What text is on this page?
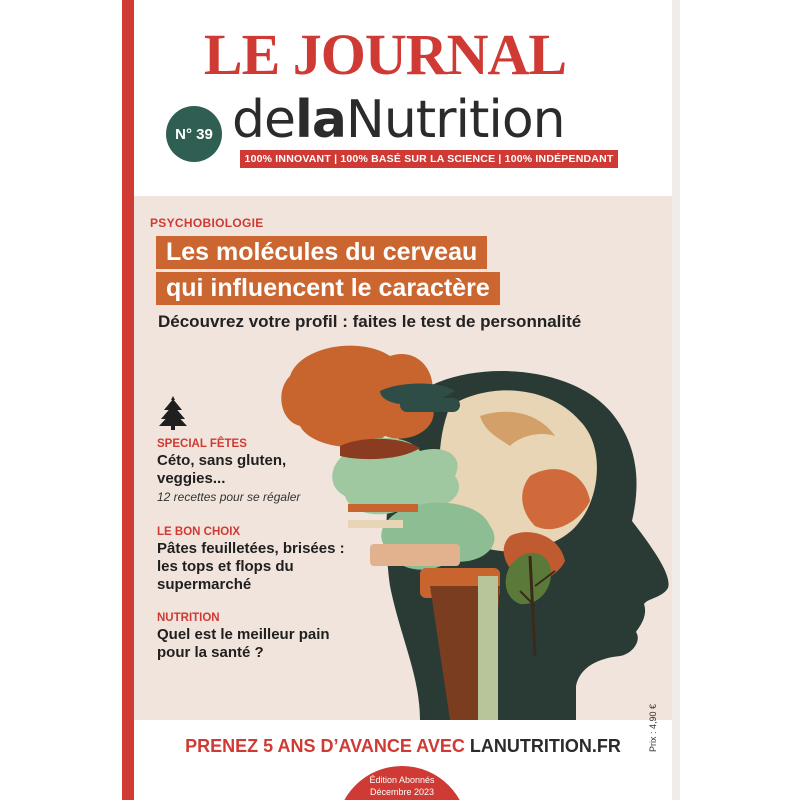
LE JOURNAL
N° 39 delaNutrition
100% INNOVANT | 100% BASÉ SUR LA SCIENCE | 100% INDÉPENDANT
PSYCHOBIOLOGIE
Les molécules du cerveau
qui influencent le caractère
Découvrez votre profil : faites le test de personnalité
SPECIAL FÊTES
Céto, sans gluten, veggies...
12 recettes pour se régaler
LE BON CHOIX
Pâtes feuilletées, brisées : les tops et flops du supermarché
NUTRITION
Quel est le meilleur pain pour la santé ?
PRENEZ 5 ANS D’AVANCE AVEC LANUTRITION.FR
Édition Abonnés
Décembre 2023
Prix : 4,90 €
